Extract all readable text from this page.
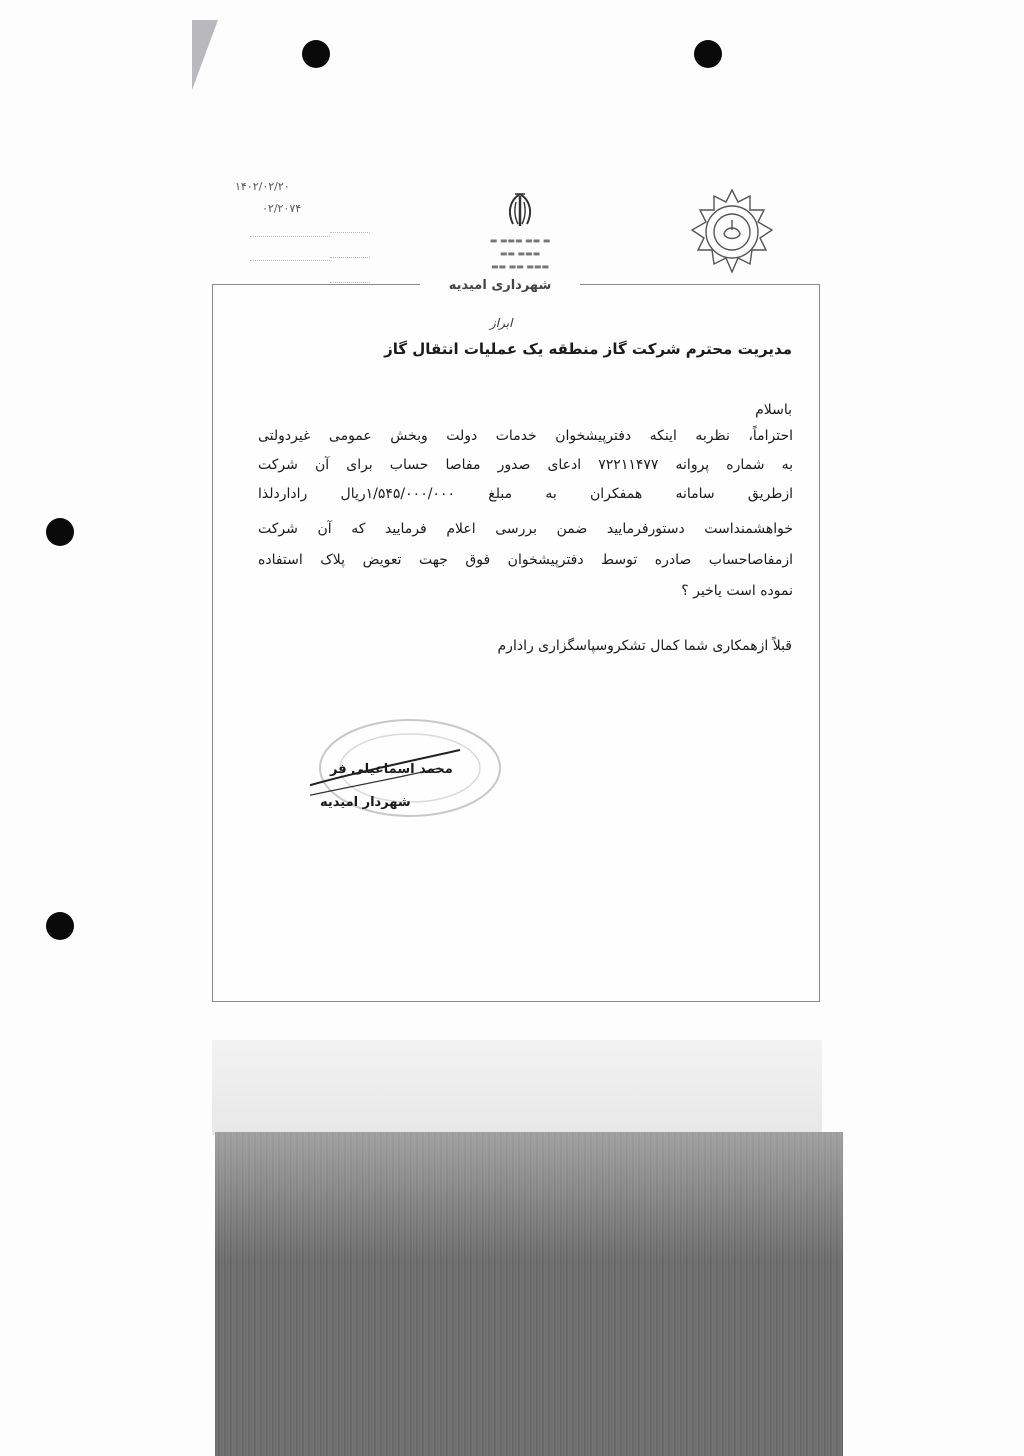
۱۴۰۲/۰۲/۲۰
۰۲/۲۰۷۴

▬ ▬▬▬ ▬▬ ▬
▬▬ ▬▬▬
▬▬ ▬▬ ▬▬▬
شهرداری امیدیه
ابراز
مدیریت محترم شرکت گاز منطقه یک عملیات انتقال گاز
باسلام
احتراماً، نظربه اینکه دفترپیشخوان خدمات دولت وبخش عمومی غیردولتی
به شماره پروانه ۷۲۲۱۱۴۷۷ ادعای صدور مفاصا حساب برای آن شرکت
ازطریق سامانه همفکران به مبلغ ۱/۵۴۵/۰۰۰/۰۰۰ریال راداردلذا
خواهشمنداست دستورفرمایید ضمن بررسی اعلام فرمایید که آن شرکت
ازمفاصاحساب صادره توسط دفترپیشخوان فوق جهت تعویض پلاک استفاده
نموده است یاخیر ؟
قبلاً ازهمکاری شما کمال تشکروسپاسگزاری رادارم
محمد اسماعیلی فر
شهردار امیدیه
